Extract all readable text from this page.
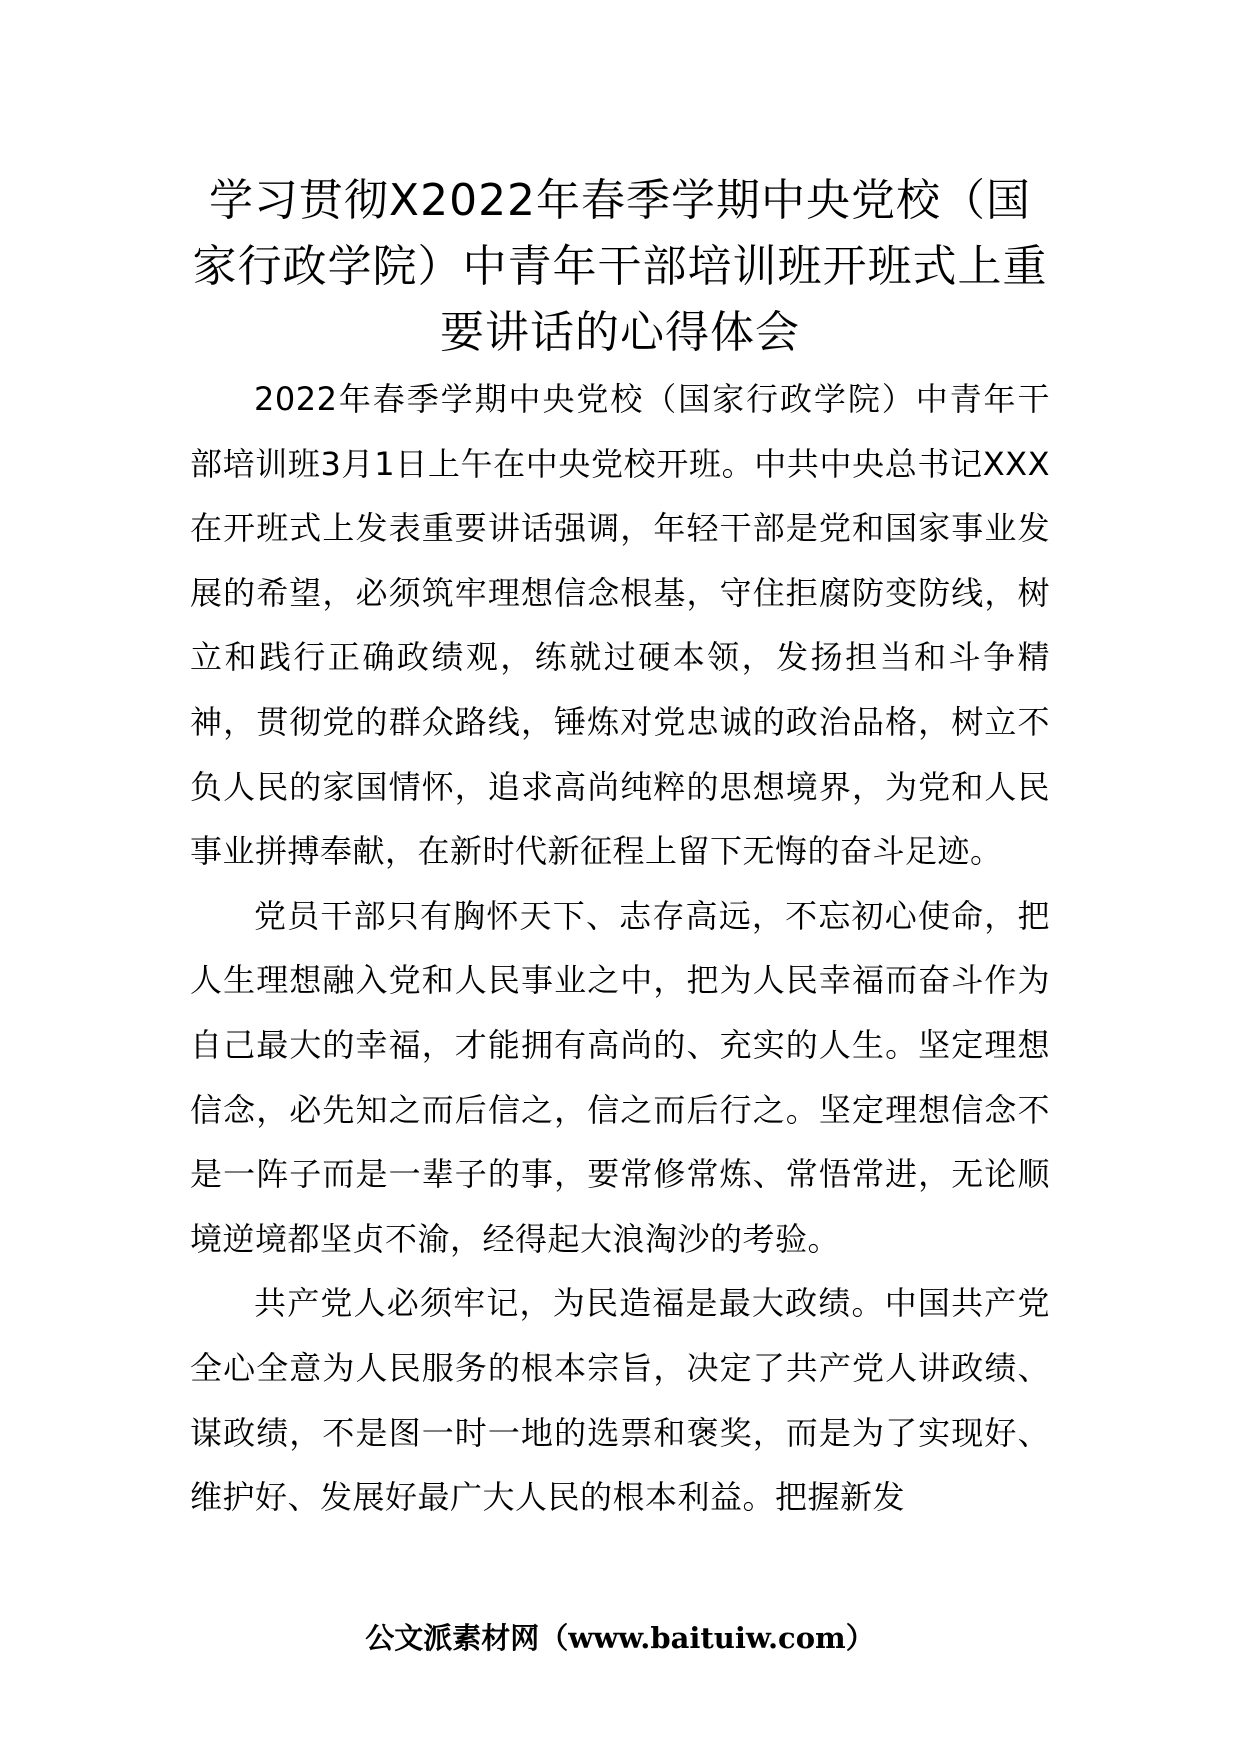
学习贯彻X2022年春季学期中央党校（国家行政学院）中青年干部培训班开班式上重要讲话的心得体会

2022年春季学期中央党校（国家行政学院）中青年干部培训班3月1日上午在中央党校开班。中共中央总书记XXX在开班式上发表重要讲话强调，年轻干部是党和国家事业发展的希望，必须筑牢理想信念根基，守住拒腐防变防线，树立和践行正确政绩观，练就过硬本领，发扬担当和斗争精神，贯彻党的群众路线，锤炼对党忠诚的政治品格，树立不负人民的家国情怀，追求高尚纯粹的思想境界，为党和人民事业拼搏奉献，在新时代新征程上留下无悔的奋斗足迹。

党员干部只有胸怀天下、志存高远，不忘初心使命，把人生理想融入党和人民事业之中，把为人民幸福而奋斗作为自己最大的幸福，才能拥有高尚的、充实的人生。坚定理想信念，必先知之而后信之，信之而后行之。坚定理想信念不是一阵子而是一辈子的事，要常修常炼、常悟常进，无论顺境逆境都坚贞不渝，经得起大浪淘沙的考验。

共产党人必须牢记，为民造福是最大政绩。中国共产党全心全意为人民服务的根本宗旨，决定了共产党人讲政绩、谋政绩，不是图一时一地的选票和褒奖，而是为了实现好、维护好、发展好最广大人民的根本利益。把握新发

公文派素材网（www.baituiw.com）
